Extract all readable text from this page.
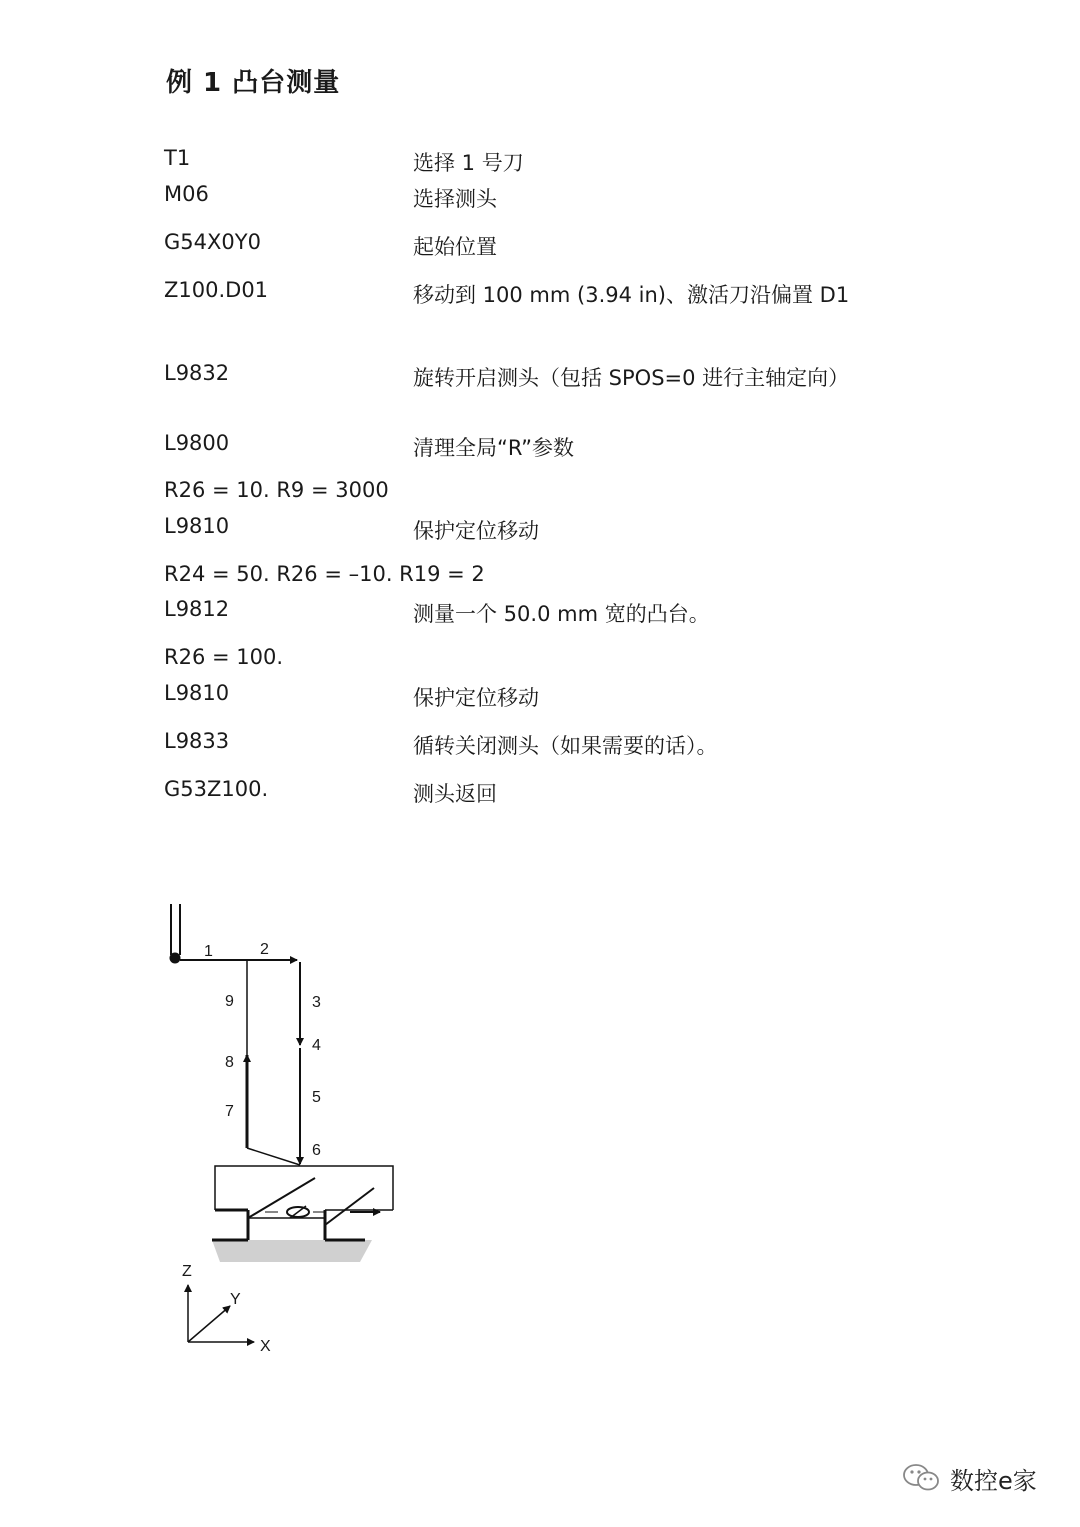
例 1 凸台测量
T1	选择 1 号刀
M06	选择测头
G54X0Y0	起始位置
Z100.D01	移动到 100 mm (3.94 in)、激活刀沿偏置 D1
L9832	旋转开启测头（包括 SPOS=0 进行主轴定向）
L9800	清理全局“R”参数
R26 = 10. R9 = 3000
L9810	保护定位移动
R24 = 50. R26 = –10. R19 = 2
L9812	测量一个 50.0 mm 宽的凸台。
R26 = 100.
L9810	保护定位移动
L9833	循转关闭测头（如果需要的话）。
G53Z100.	测头返回
1	2
3
4
5
6
7
8
9
Z
Y
X
数控e家
